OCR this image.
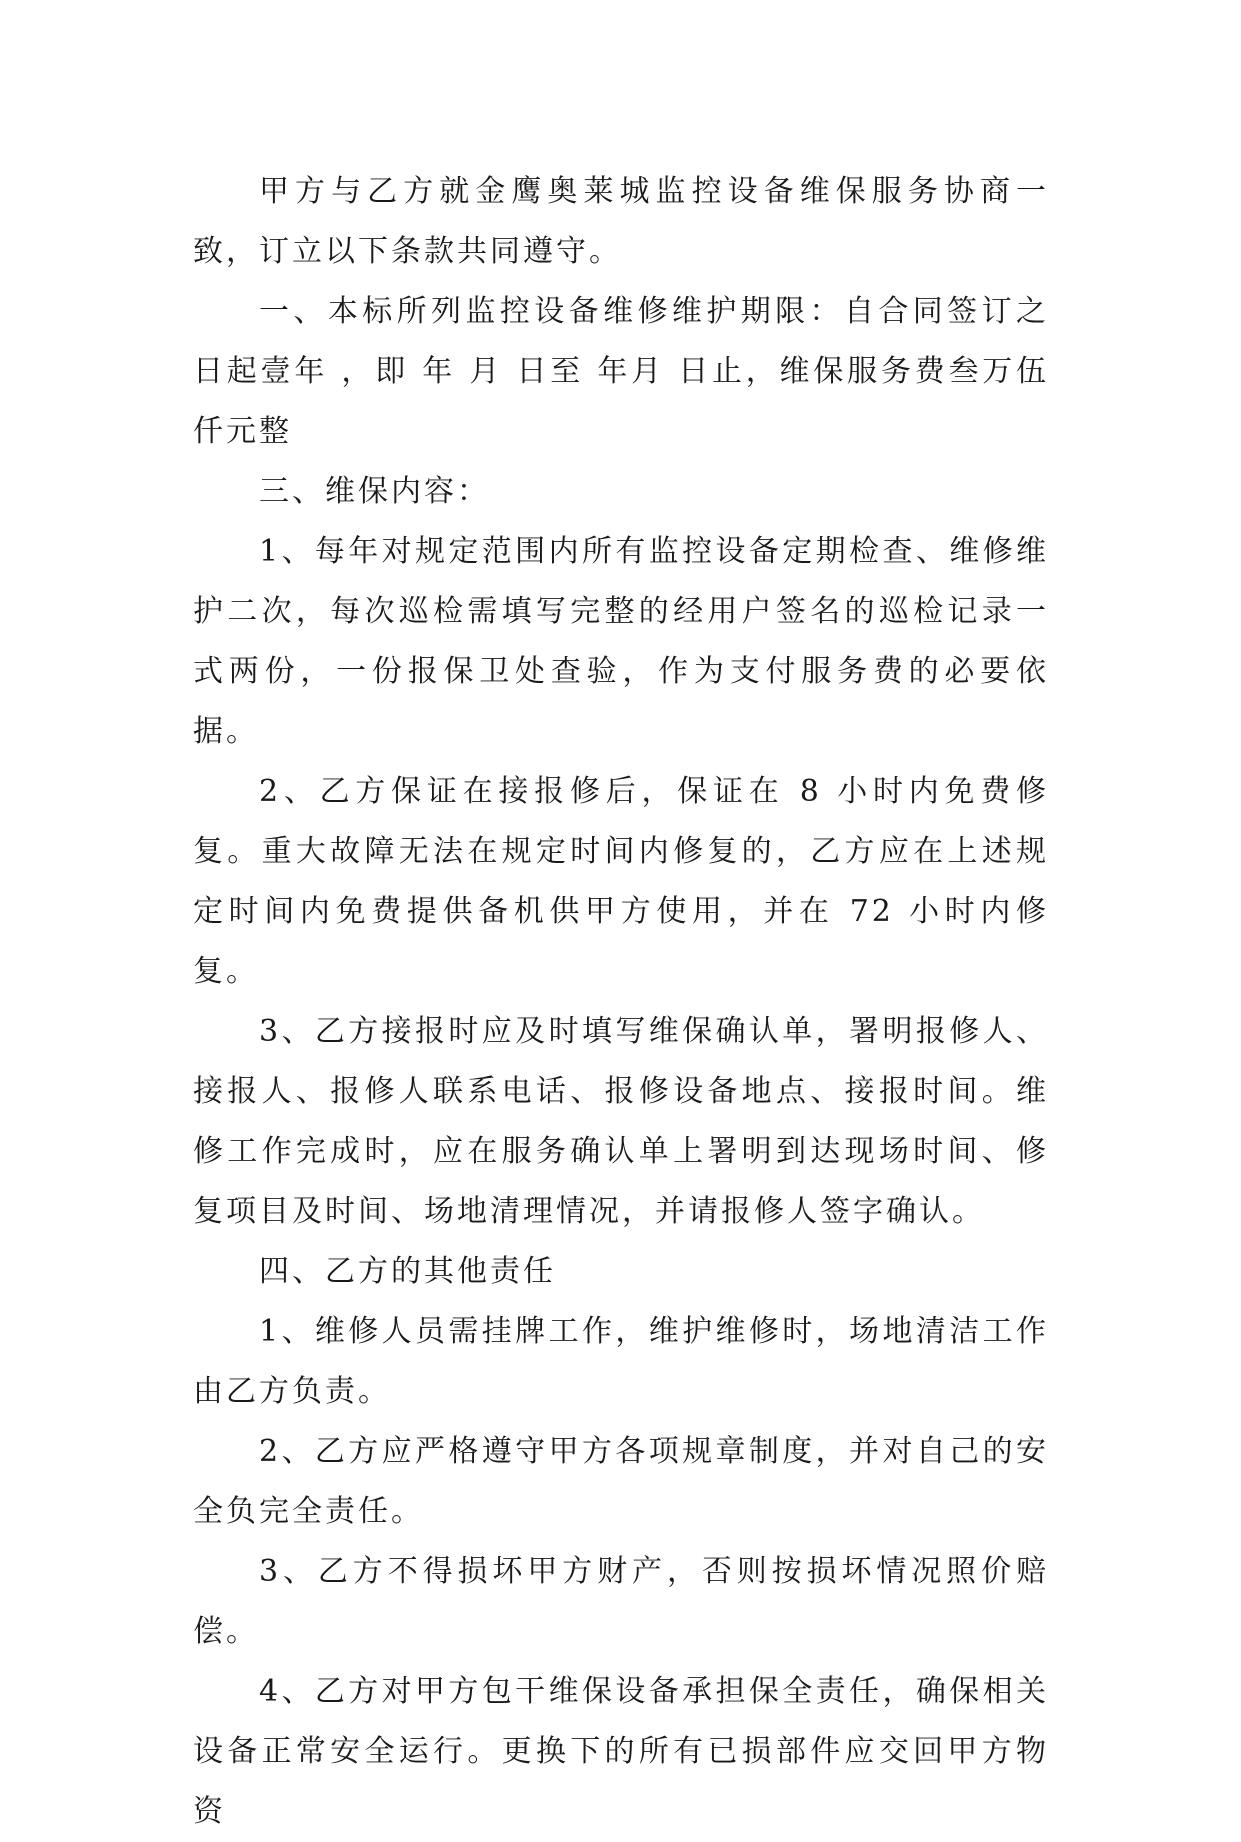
甲方与乙方就金鹰奥莱城监控设备维保服务协商一致，订立以下条款共同遵守。

一、本标所列监控设备维修维护期限：自合同签订之日起壹年 ，即 年 月 日至 年月 日止，维保服务费叁万伍仟元整

三、维保内容：

1、每年对规定范围内所有监控设备定期检查、维修维护二次，每次巡检需填写完整的经用户签名的巡检记录一式两份，一份报保卫处查验，作为支付服务费的必要依据。

2、乙方保证在接报修后，保证在 8 小时内免费修复。重大故障无法在规定时间内修复的，乙方应在上述规定时间内免费提供备机供甲方使用，并在 72 小时内修复。

3、乙方接报时应及时填写维保确认单，署明报修人、接报人、报修人联系电话、报修设备地点、接报时间。维修工作完成时，应在服务确认单上署明到达现场时间、修复项目及时间、场地清理情况，并请报修人签字确认。

四、乙方的其他责任

1、维修人员需挂牌工作，维护维修时，场地清洁工作由乙方负责。

2、乙方应严格遵守甲方各项规章制度，并对自己的安全负完全责任。

3、乙方不得损坏甲方财产，否则按损坏情况照价赔偿。

4、乙方对甲方包干维保设备承担保全责任，确保相关设备正常安全运行。更换下的所有已损部件应交回甲方物资
